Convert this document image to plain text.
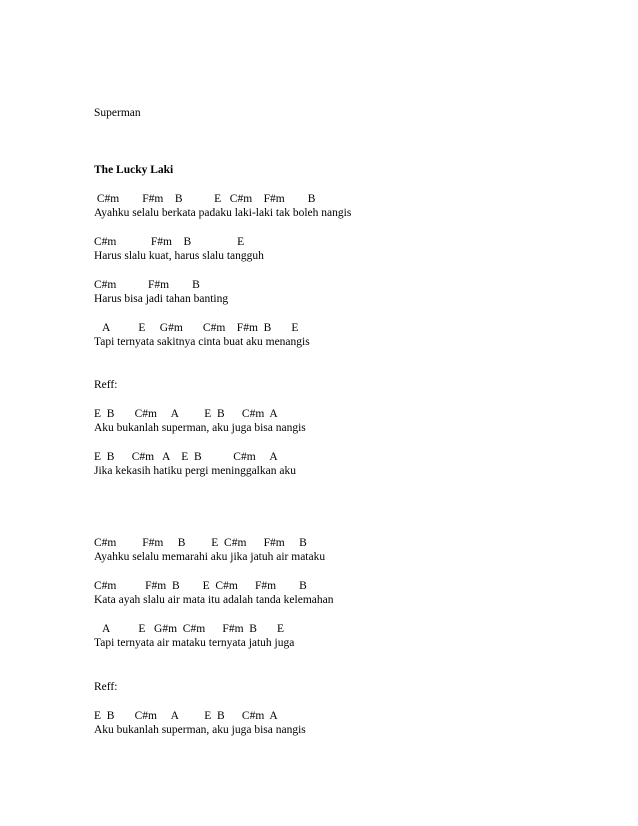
Superman
The Lucky Laki
C#m        F#m    B           E   C#m    F#m        B
Ayahku selalu berkata padaku laki-laki tak boleh nangis
C#m            F#m    B                E
Harus slalu kuat, harus slalu tangguh
C#m           F#m        B
Harus bisa jadi tahan banting
A          E     G#m       C#m    F#m  B       E
Tapi ternyata sakitnya cinta buat aku menangis
Reff:
E  B       C#m     A         E  B      C#m  A
Aku bukanlah superman, aku juga bisa nangis
E  B      C#m   A    E  B           C#m     A
Jika kekasih hatiku pergi meninggalkan aku
C#m         F#m     B         E  C#m      F#m     B
Ayahku selalu memarahi aku jika jatuh air mataku
C#m          F#m  B        E  C#m      F#m        B
Kata ayah slalu air mata itu adalah tanda kelemahan
A          E   G#m  C#m      F#m  B       E
Tapi ternyata air mataku ternyata jatuh juga
Reff:
E  B       C#m     A         E  B      C#m  A
Aku bukanlah superman, aku juga bisa nangis
